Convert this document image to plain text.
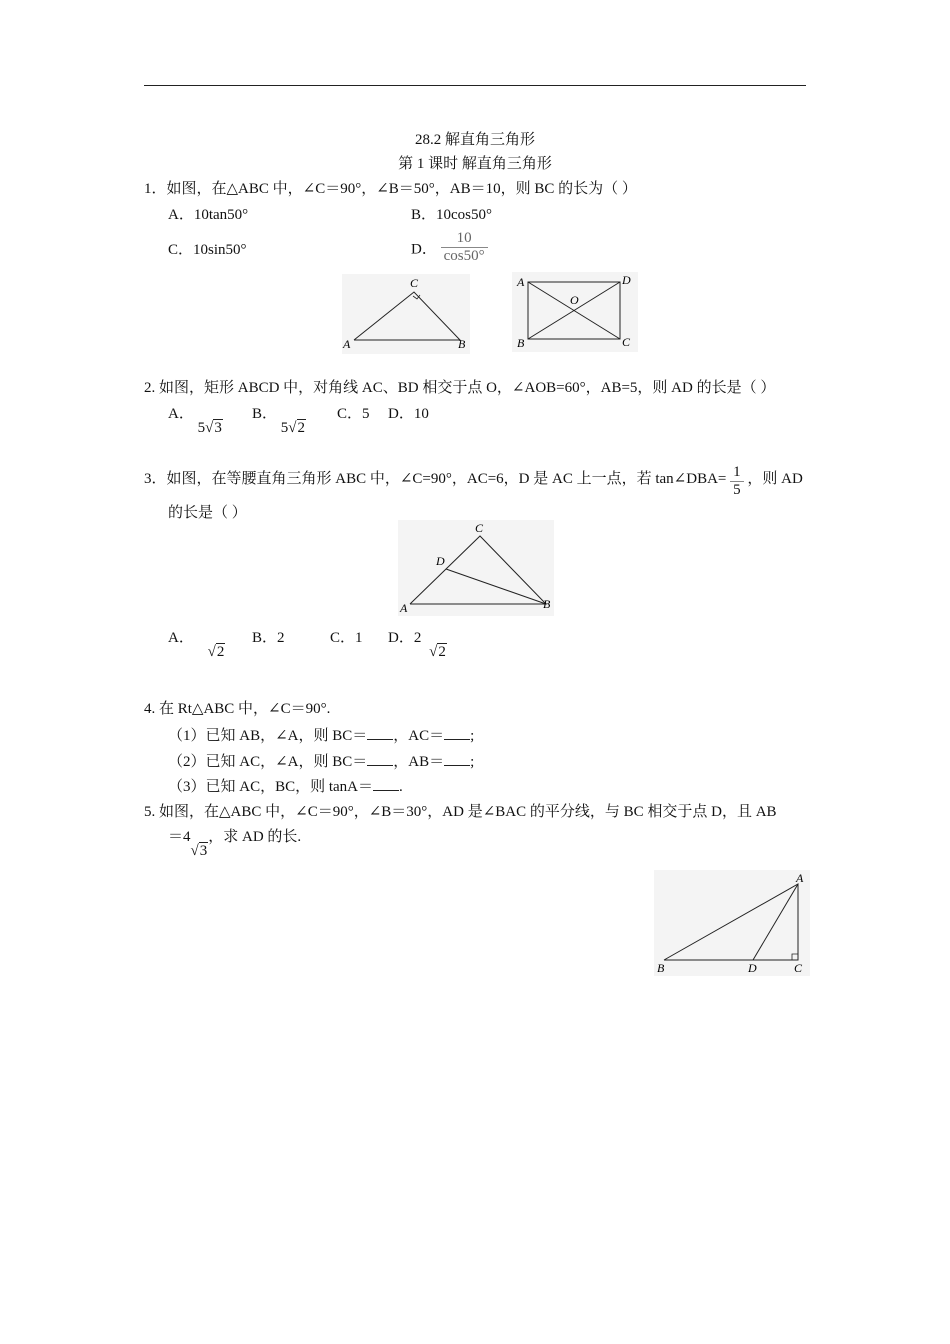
28.2 解直角三角形
第 1 课时 解直角三角形
1．如图，在△ABC 中，∠C＝90°，∠B＝50°，AB＝10，则 BC 的长为（ ）
A．10tan50°	B．10cos50°
C．10sin50°	D． $\frac{10}{\cos 50^\circ}$
C
A	B
A	D
O
B	C
2. 如图，矩形 ABCD 中，对角线 AC、BD 相交于点 O，∠AOB=60°，AB=5，则 AD 的长是（ ）
A． 5√3
B． 5√2
C．5 D．10
3．如图，在等腰直角三角形 ABC 中，∠C=90°，AC=6，D 是 AC 上一点，若 tan∠DBA= $\frac{1}{5}$ ，则 AD
的长是（ ）
C
D
A	B
A． √2
B．2	C．1 D．2 √2
4. 在 Rt△ABC 中，∠C＝90°.
（1）已知 AB，∠A，则 BC＝ ，AC＝ ;
（2）已知 AC，∠A，则 BC＝ ，AB＝ ;
（3）已知 AC，BC，则 tanA＝ .
5. 如图，在△ABC 中，∠C＝90°，∠B＝30°，AD 是∠BAC 的平分线，与 BC 相交于点 D，且 AB
＝4√3，求 AD 的长.
A
B	D	C
